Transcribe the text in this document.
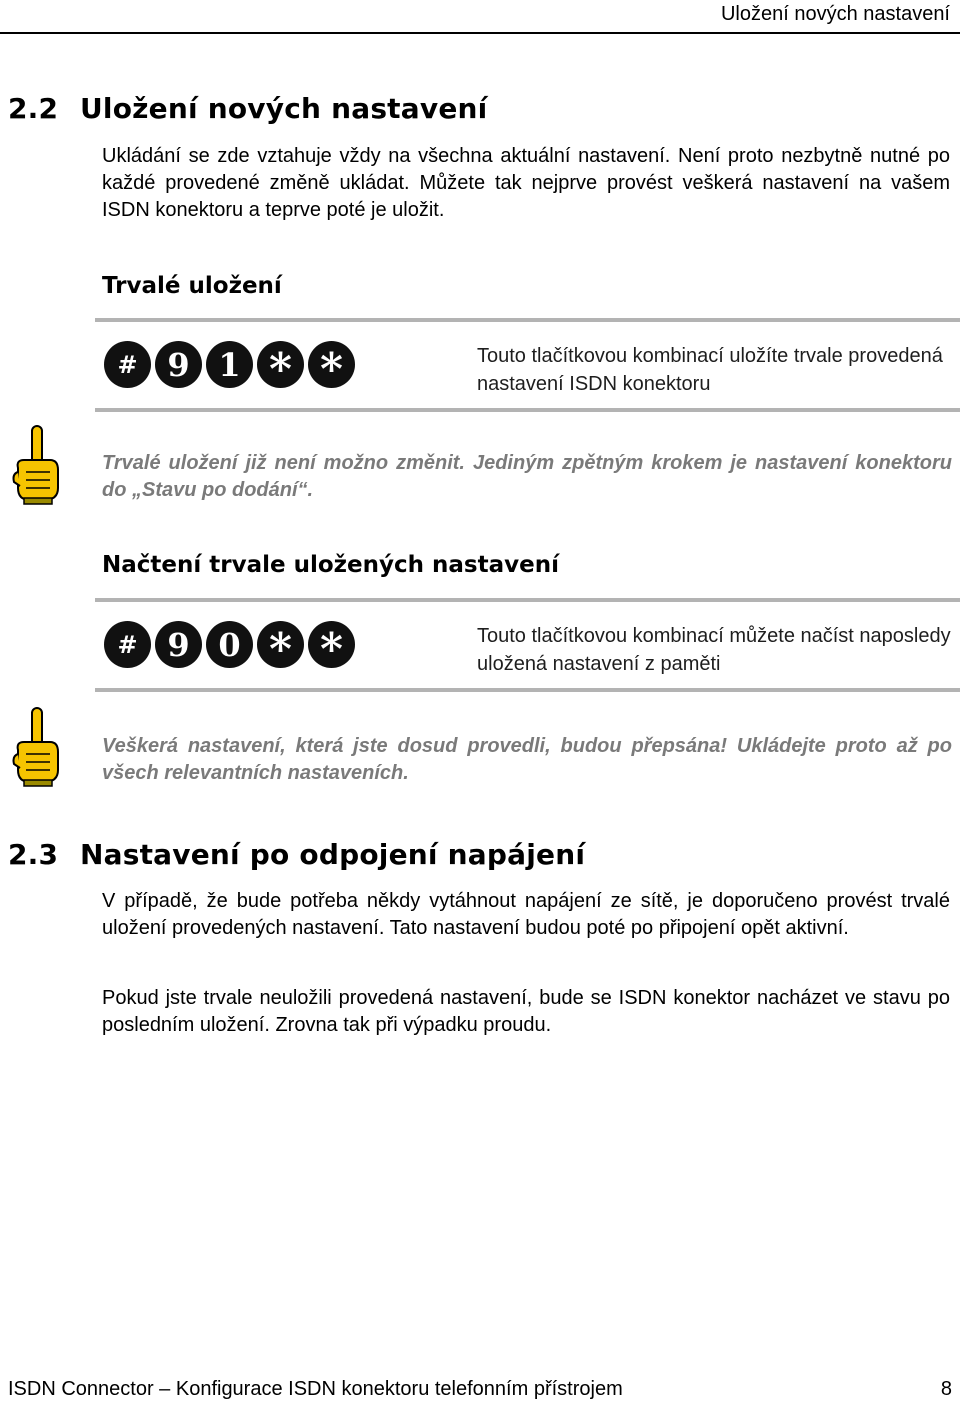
Uložení nových nastavení
2.2 Uložení nových nastavení

Ukládání se zde vztahuje vždy na všechna aktuální nastavení. Není proto nezbytně nutné po každé provedené změně ukládat. Můžete tak nejprve provést veškerá nastavení na vašem ISDN konektoru a teprve poté je uložit.

Trvalé uložení
# 9 1 * *	Touto tlačítkovou kombinací uložíte trvale provedená nastavení ISDN konektoru

Trvalé uložení již není možno změnit. Jediným zpětným krokem je nastavení konektoru do „Stavu po dodání“.

Načtení trvale uložených nastavení
# 9 0 * *	Touto tlačítkovou kombinací můžete načíst naposledy uložená nastavení z paměti

Veškerá nastavení, která jste dosud provedli, budou přepsána! Ukládejte proto až po všech relevantních nastaveních.

2.3 Nastavení po odpojení napájení

V případě, že bude potřeba někdy vytáhnout napájení ze sítě, je doporučeno provést trvalé uložení provedených nastavení. Tato nastavení budou poté po připojení opět aktivní.

Pokud jste trvale neuložili provedená nastavení, bude se ISDN konektor nacházet ve stavu po posledním uložení. Zrovna tak při výpadku proudu.

ISDN Connector – Konfigurace ISDN konektoru telefonním přístrojem	8
